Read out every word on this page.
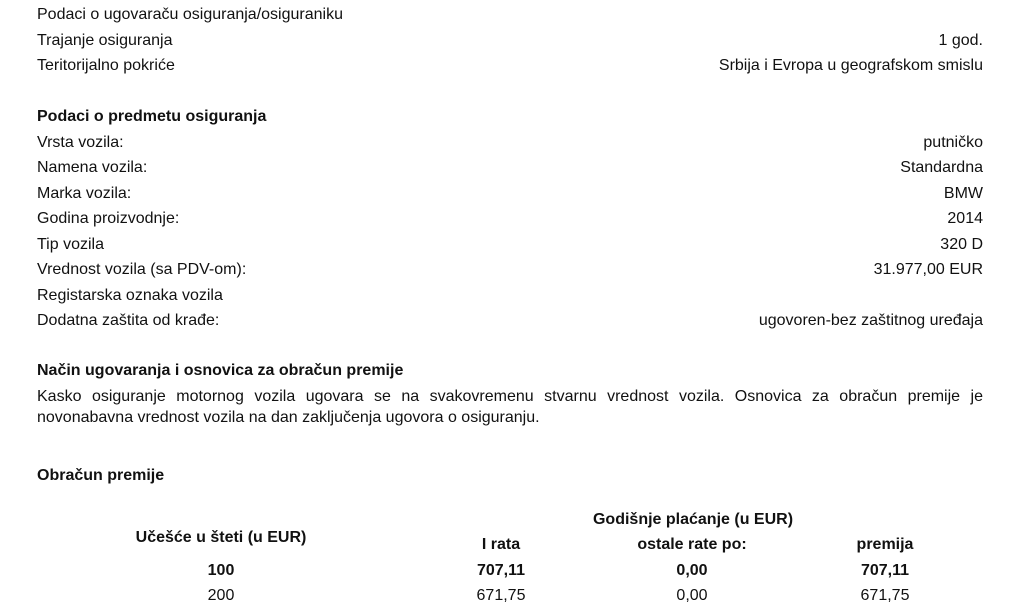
Podaci o ugovaraču osiguranja/osiguraniku
Trajanje osiguranja	1 god.
Teritorijalno pokriće	Srbija i Evropa u geografskom smislu
Podaci o predmetu osiguranja
Vrsta vozila:	putničko
Namena vozila:	Standardna
Marka vozila:	BMW
Godina proizvodnje:	2014
Tip vozila	320 D
Vrednost vozila (sa PDV-om):	31.977,00 EUR
Registarska oznaka vozila
Dodatna zaštita od krađe:	ugovoren-bez zaštitnog uređaja
Način ugovaranja i osnovica za obračun premije
Kasko osiguranje motornog vozila ugovara se na svakovremenu stvarnu vrednost vozila. Osnovica za obračun premije je novonabavna vrednost vozila na dan zaključenja ugovora o osiguranju.
Obračun premije
Godišnje plaćanje (u EUR)
Učešće u šteti (u EUR)	I rata	ostale rate po:	premija
100	707,11	0,00	707,11
200	671,75	0,00	671,75
